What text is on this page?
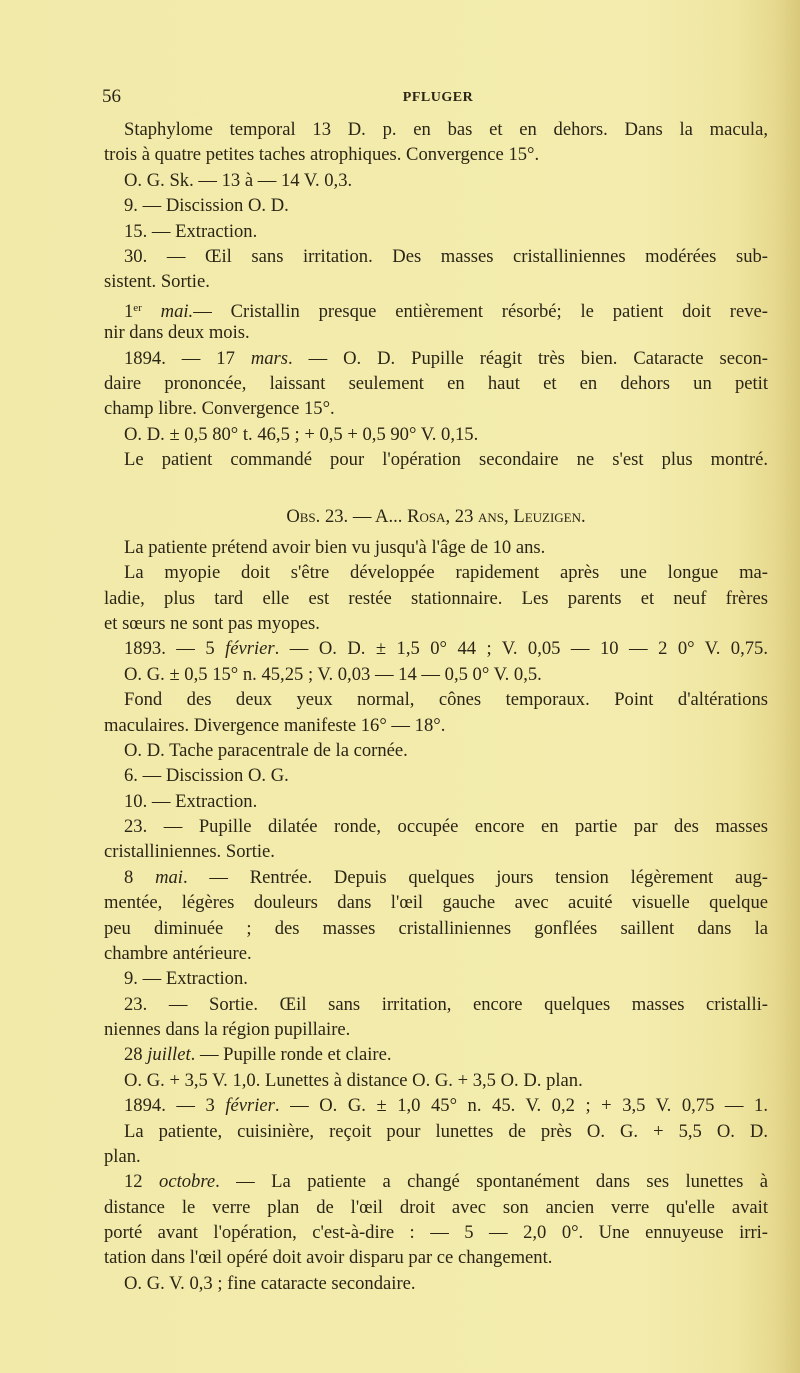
56	PFLUGER
Staphylome temporal 13 D. p. en bas et en dehors. Dans la macula,
trois à quatre petites taches atrophiques. Convergence 15°.
O. G. Sk. — 13 à — 14 V. 0,3.
9. — Discission O. D.
15. — Extraction.
30. — Œil sans irritation. Des masses cristalliniennes modérées sub-
sistent. Sortie.
1er mai.— Cristallin presque entièrement résorbé; le patient doit reve-
nir dans deux mois.
1894. — 17 mars. — O. D. Pupille réagit très bien. Cataracte secon-
daire prononcée, laissant seulement en haut et en dehors un petit
champ libre. Convergence 15°.
O. D. ± 0,5 80° t. 46,5 ; + 0,5 + 0,5 90° V. 0,15.
Le patient commandé pour l'opération secondaire ne s'est plus montré.
Obs. 23. — A... Rosa, 23 ans, Leuzigen.
La patiente prétend avoir bien vu jusqu'à l'âge de 10 ans.
La myopie doit s'être développée rapidement après une longue ma-
ladie, plus tard elle est restée stationnaire. Les parents et neuf frères
et sœurs ne sont pas myopes.
1893. — 5 février. — O. D. ± 1,5 0° 44 ; V. 0,05 — 10 — 2 0° V. 0,75.
O. G. ± 0,5 15° n. 45,25 ; V. 0,03 — 14 — 0,5 0° V. 0,5.
Fond des deux yeux normal, cônes temporaux. Point d'altérations
maculaires. Divergence manifeste 16° — 18°.
O. D. Tache paracentrale de la cornée.
6. — Discission O. G.
10. — Extraction.
23. — Pupille dilatée ronde, occupée encore en partie par des masses
cristalliniennes. Sortie.
8 mai. — Rentrée. Depuis quelques jours tension légèrement aug-
mentée, légères douleurs dans l'œil gauche avec acuité visuelle quelque
peu diminuée ; des masses cristalliniennes gonflées saillent dans la
chambre antérieure.
9. — Extraction.
23. — Sortie. Œil sans irritation, encore quelques masses cristalli-
niennes dans la région pupillaire.
28 juillet. — Pupille ronde et claire.
O. G. + 3,5 V. 1,0. Lunettes à distance O. G. + 3,5 O. D. plan.
1894. — 3 février. — O. G. ± 1,0 45° n. 45. V. 0,2 ; + 3,5 V. 0,75 — 1.
La patiente, cuisinière, reçoit pour lunettes de près O. G. + 5,5 O. D.
plan.
12 octobre. — La patiente a changé spontanément dans ses lunettes à
distance le verre plan de l'œil droit avec son ancien verre qu'elle avait
porté avant l'opération, c'est-à-dire : — 5 — 2,0 0°. Une ennuyeuse irri-
tation dans l'œil opéré doit avoir disparu par ce changement.
O. G. V. 0,3 ; fine cataracte secondaire.
